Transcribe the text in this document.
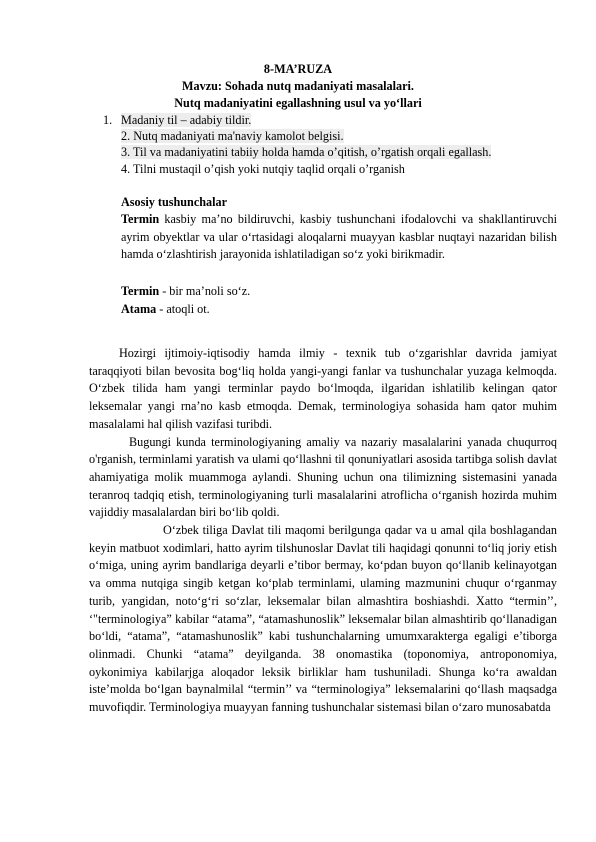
8-MA’RUZA
Mavzu: Sohada nutq madaniyati masalalari.
Nutq madaniyatini egallashning usul va yo‘llari
1. Madaniy til – adabiy tildir.
2. Nutq madaniyati ma'naviy kamolot belgisi.
3. Til va madaniyatini tabiiy holda hamda o’qitish, o’rgatish orqali egallash.
4. Tilni mustaqil o’qish yoki nutqiy taqlid orqali o’rganish
Asosiy tushunchalar

Termin kasbiy ma’no bildiruvchi, kasbiy tushunchani ifodalovchi va shakllantiruvchi ayrim obyektlar va ular o‘rtasidagi aloqalarni muayyan kasblar nuqtayi nazaridan bilish hamda o‘zlashtirish jarayonida ishlatiladigan so‘z yoki birikmadir.

Termin - bir ma’noli so‘z.
Atama - atoqli ot.

Hozirgi ijtimoiy-iqtisodiy hamda ilmiy - texnik tub o‘zgarishlar davrida jamiyat taraqqiyoti bilan bevosita bog‘liq holda yangi-yangi fanlar va tushunchalar yuzaga kelmoqda. O‘zbek tilida ham yangi terminlar paydo bo‘lmoqda, ilgaridan ishlatilib kelingan qator leksemalar yangi rna’no kasb etmoqda. Demak, terminologiya sohasida ham qator muhim masalalami hal qilish vazifasi turibdi.

Bugungi kunda terminologiyaning amaliy va nazariy masalalarini yanada chuqurroq o'rganish, terminlami yaratish va ulami qo‘llashni til qonuniyatlari asosida tartibga solish davlat ahamiyatiga molik muammoga aylandi. Shuning uchun ona tilimizning sistemasini yanada teranroq tadqiq etish, terminologiyaning turli masalalarini atroflicha o‘rganish hozirda muhim vajiddiy masalalardan biri bo‘lib qoldi.

O‘zbek tiliga Davlat tili maqomi berilgunga qadar va u amal qila boshlagandan keyin matbuot xodimlari, hatto ayrim tilshunoslar Davlat tili haqidagi qonunni to‘liq joriy etish o‘miga, uning ayrim bandlariga deyarli e’tibor bermay, ko‘pdan buyon qo‘llanib kelinayotgan va omma nutqiga singib ketgan ko‘plab terminlami, ulaming mazmunini chuqur o‘rganmay turib, yangidan, noto‘g‘ri so‘zlar, leksemalar bilan almashtira boshiashdi. Xatto “termin’’, ‘"terminologiya” kabilar “atama”, “atamashunoslik” leksemalar bilan almashtirib qo‘llanadigan bo‘ldi, “atama”, “atamashunoslik” kabi tushunchalarning umumxarakterga egaligi e’tiborga olinmadi. Chunki “atama” deyilganda. 38 onomastika (toponomiya, antroponomiya, oykonimiya kabilarjga aloqador leksik birliklar ham tushuniladi. Shunga ko‘ra awaldan iste’molda bo‘lgan baynalmilal “termin’’ va “terminologiya” leksemalarini qo‘llash maqsadga muvofiqdir. Terminologiya muayyan fanning tushunchalar sistemasi bilan o‘zaro munosabatda
